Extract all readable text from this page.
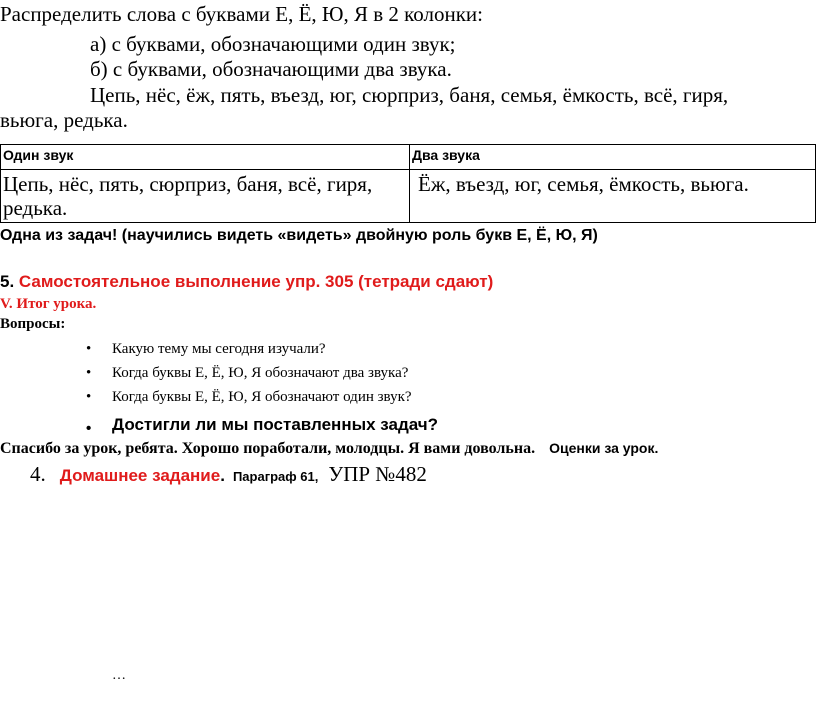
Распределить слова с буквами Е, Ё, Ю, Я в 2 колонки:
а) с буквами, обозначающими один звук;
б) с буквами, обозначающими два звука.
Цепь, нёс, ёж, пять, въезд, юг, сюрприз, баня, семья, ёмкость, всё, гиря,
вьюга, редька.
Один звук	Два звука
Цепь, нёс, пять, сюрприз, баня, всё, гиря, редька.	Ёж, въезд, юг, семья, ёмкость, вьюга.
Одна из задач! (научились видеть «видеть» двойную роль букв Е, Ё, Ю, Я)
5. Самостоятельное выполнение упр. 305 (тетради сдают)
V. Итог урока.
Вопросы:
• Какую тему мы сегодня изучали?
• Когда буквы Е, Ё, Ю, Я обозначают два звука?
• Когда буквы Е, Ё, Ю, Я обозначают один звук?
• Достигли ли мы поставленных задач?
Спасибо за урок, ребята. Хорошо поработали, молодцы. Я вами довольна. Оценки за урок.
4. Домашнее задание. Параграф 61, УПР №482
…
